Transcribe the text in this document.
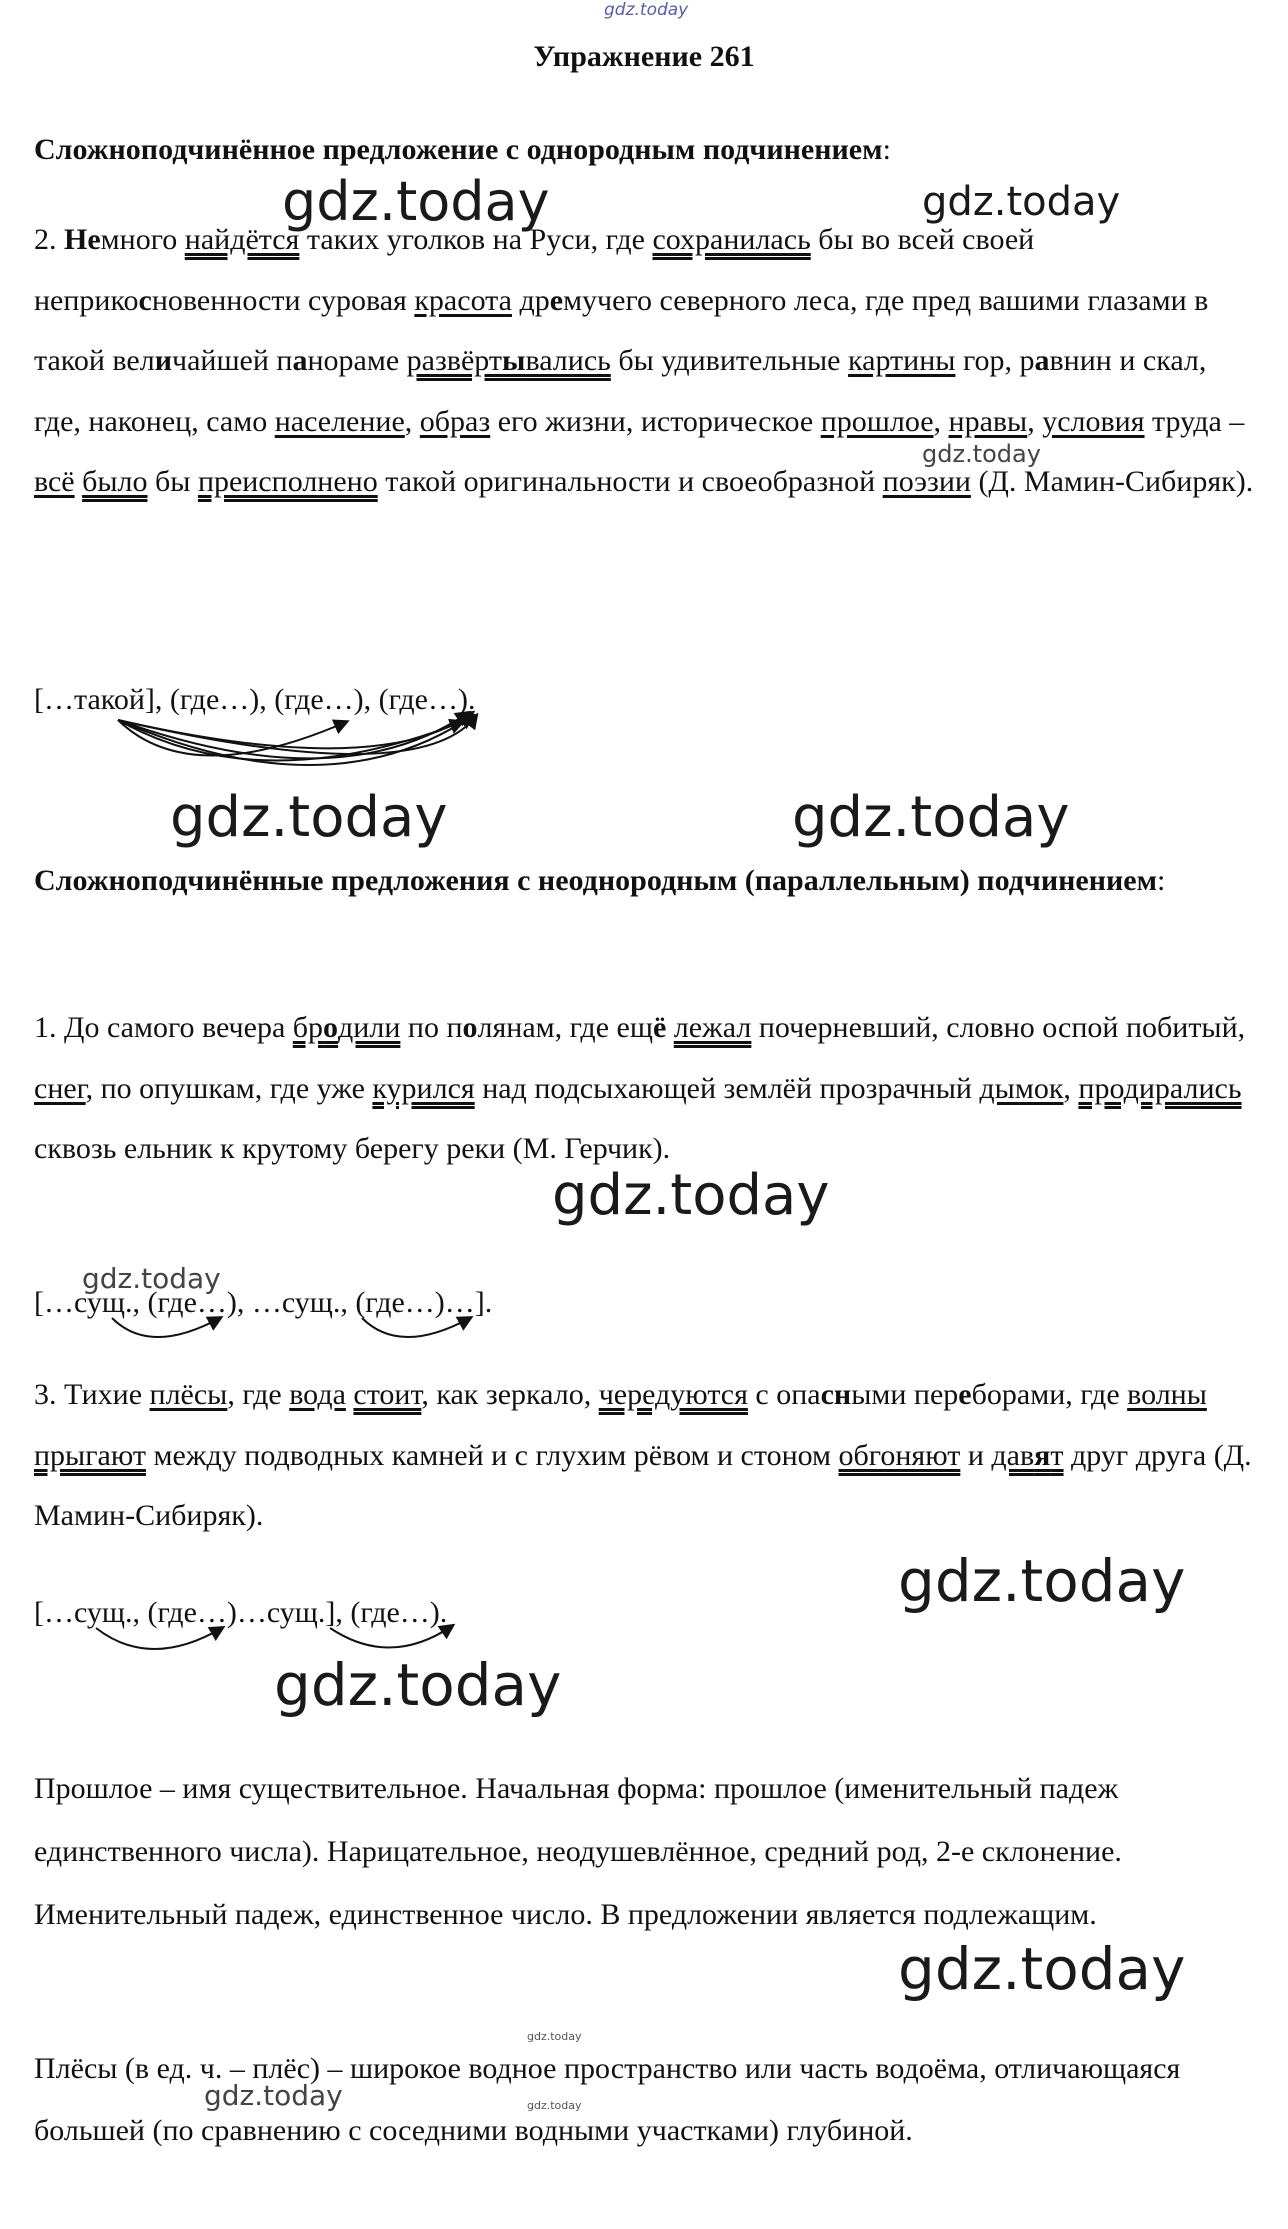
gdz.today
gdz.today	gdz.today
gdz.today
gdz.today	gdz.today
gdz.today
gdz.today
gdz.today
gdz.today
gdz.today
gdz.today
gdz.today	gdz.today
Упражнение 261

Сложноподчинённое предложение с однородным подчинением:

2. Немного найдётся таких уголков на Руси, где сохранилась бы во всей своей неприкосновенности суровая красота дремучего северного леса, где пред вашими глазами в такой величайшей панораме развёртывались бы удивительные картины гор, равнин и скал, где, наконец, само население, образ его жизни, историческое прошлое, нравы, условия труда – всё было бы преисполнено такой оригинальности и своеобразной поэзии (Д. Мамин-Сибиряк).

[…такой], (где…), (где…), (где…).

Сложноподчинённые предложения с неоднородным (параллельным) подчинением:

1. До самого вечера бродили по полянам, где ещё лежал почерневший, словно оспой побитый, снег, по опушкам, где уже курился над подсыхающей землёй прозрачный дымок, продирались сквозь ельник к крутому берегу реки (М. Герчик).

[…сущ., (где…), …сущ., (где…)…].

3. Тихие плёсы, где вода стоит, как зеркало, чередуются с опасными переборами, где волны прыгают между подводных камней и с глухим рёвом и стоном обгоняют и давят друг друга (Д. Мамин-Сибиряк).

[…сущ., (где…)…сущ.], (где…).

Прошлое – имя существительное. Начальная форма: прошлое (именительный падеж единственного числа). Нарицательное, неодушевлённое, средний род, 2-е склонение. Именительный падеж, единственное число. В предложении является подлежащим.

Плёсы (в ед. ч. – плёс) – широкое водное пространство или часть водоёма, отличающаяся большей (по сравнению с соседними водными участками) глубиной.
